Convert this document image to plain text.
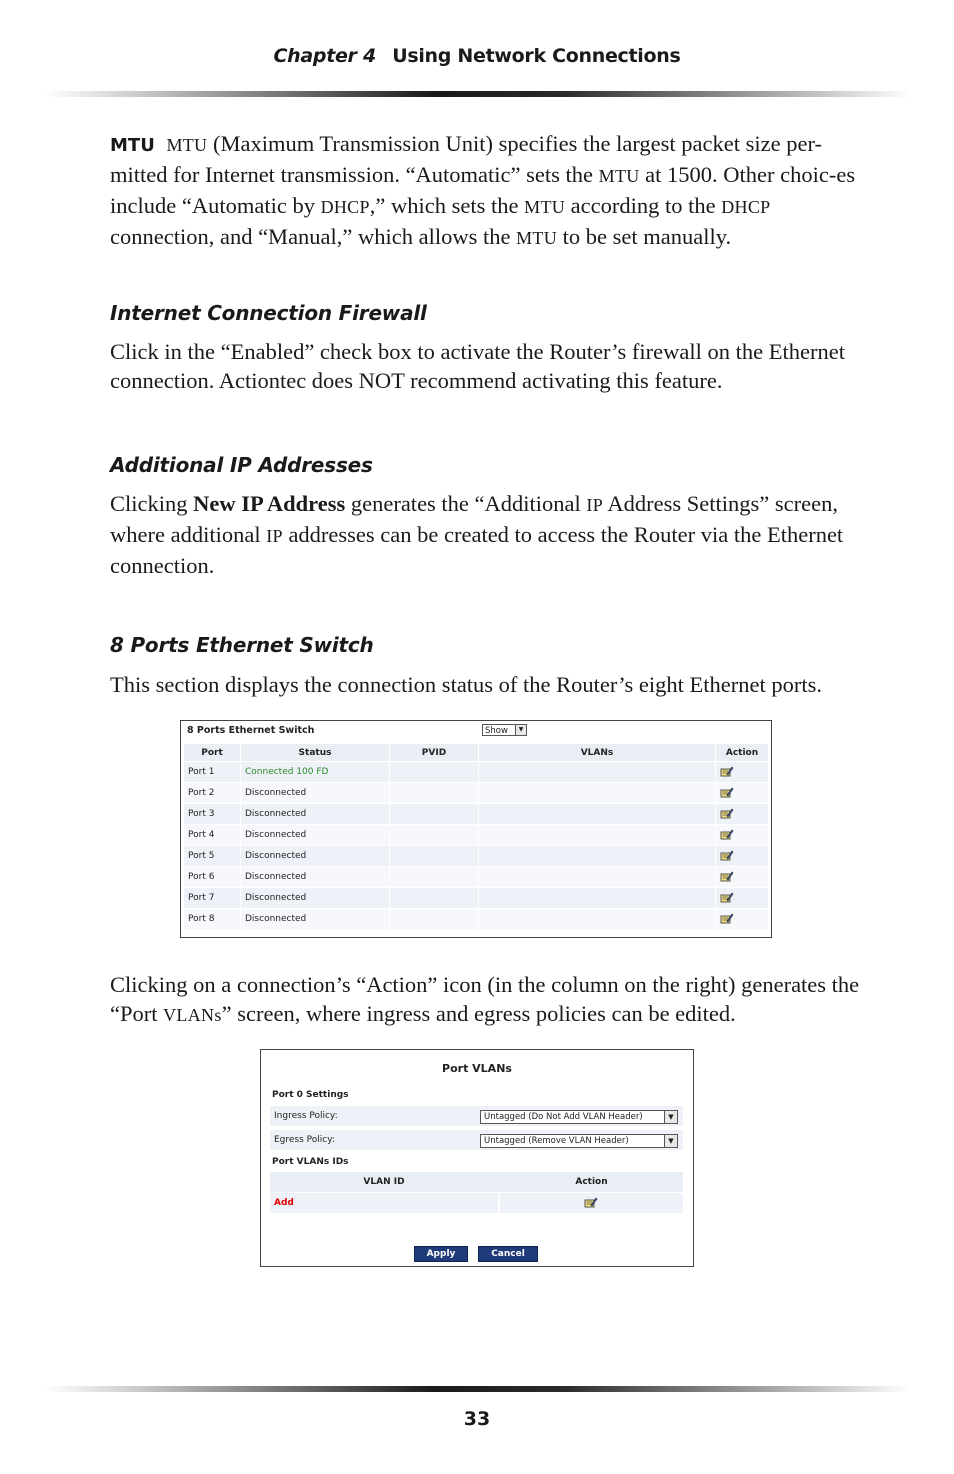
Chapter 4 Using Network Connections

MTU MTU (Maximum Transmission Unit) specifies the largest packet size per-mitted for Internet transmission. “Automatic” sets the MTU at 1500. Other choic-es include “Automatic by DHCP,” which sets the MTU according to the DHCP connection, and “Manual,” which allows the MTU to be set manually.

Internet Connection Firewall

Click in the “Enabled” check box to activate the Router’s firewall on the Ethernet connection. Actiontec does NOT recommend activating this feature.

Additional IP Addresses

Clicking New IP Address generates the “Additional IP Address Settings” screen, where additional IP addresses can be created to access the Router via the Ethernet connection.

8 Ports Ethernet Switch

This section displays the connection status of the Router’s eight Ethernet ports.

8 Ports Ethernet Switch	Show	▼
Port	Status	PVID	VLANs	Action
Port 1	Connected 100 FD			
Port 2	Disconnected			
Port 3	Disconnected			
Port 4	Disconnected			
Port 5	Disconnected			
Port 6	Disconnected			
Port 7	Disconnected			
Port 8	Disconnected			

Clicking on a connection’s “Action” icon (in the column on the right) generates the “Port VLANs” screen, where ingress and egress policies can be edited.

Port VLANs
Port 0 Settings
Ingress Policy:	Untagged (Do Not Add VLAN Header)	▼
Egress Policy:	Untagged (Remove VLAN Header)	▼
Port VLANs IDs
VLAN ID	Action
Add
Apply	Cancel
33
